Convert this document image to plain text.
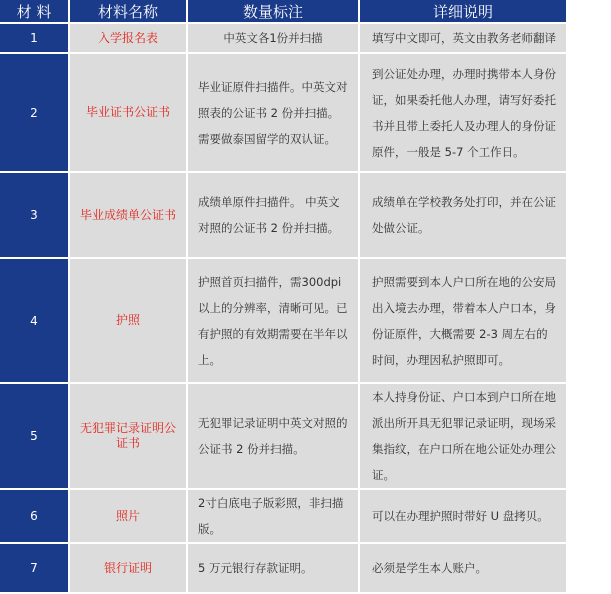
材 料	材料名称	数量标注	详细说明
1	入学报名表	中英文各1份并扫描	填写中文即可，英文由教务老师翻译
2	毕业证书公证书	毕业证原件扫描件。中英文对照表的公证书 2 份并扫描。需要做泰国留学的双认证。	到公证处办理，办理时携带本人身份证，如果委托他人办理，请写好委托书并且带上委托人及办理人的身份证原件，一般是 5-7 个工作日。
3	毕业成绩单公证书	成绩单原件扫描件。 中英文对照的公证书 2 份并扫描。	成绩单在学校教务处打印，并在公证处做公证。
4	护照	护照首页扫描件，需300dpi以上的分辨率，清晰可见。已有护照的有效期需要在半年以上。	护照需要到本人户口所在地的公安局出入境去办理，带着本人户口本，身份证原件，大概需要 2-3 周左右的时间，办理因私护照即可。
5	无犯罪记录证明公证书	无犯罪记录证明中英文对照的公证书 2 份并扫描。	本人持身份证、户口本到户口所在地派出所开具无犯罪记录证明，现场采集指纹，在户口所在地公证处办理公证。
6	照片	2寸白底电子版彩照，非扫描版。	可以在办理护照时带好 U 盘拷贝。
7	银行证明	5 万元银行存款证明。	必须是学生本人账户。
